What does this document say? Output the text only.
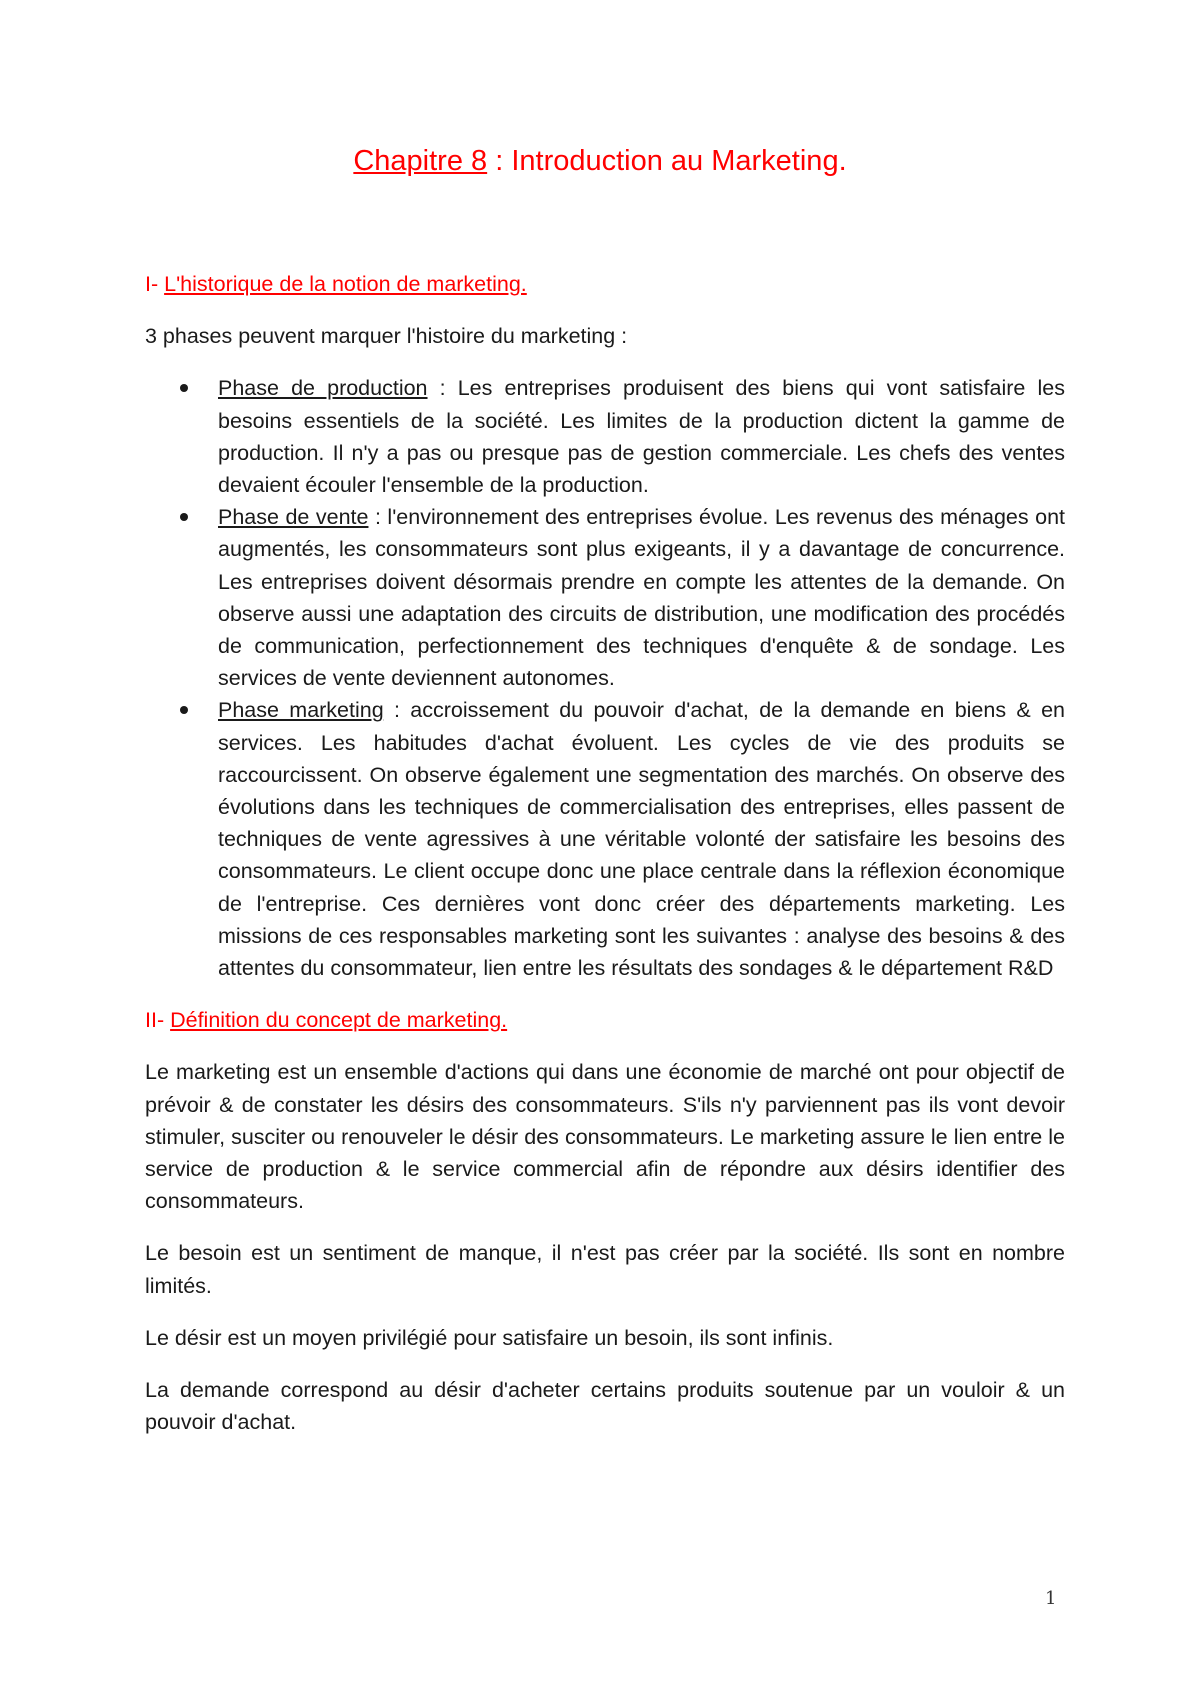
Chapitre 8 : Introduction au Marketing.

I- L'historique de la notion de marketing.

3 phases peuvent marquer l'histoire du marketing :

Phase de production : Les entreprises produisent des biens qui vont satisfaire les besoins essentiels de la société. Les limites de la production dictent la gamme de production. Il n'y a pas ou presque pas de gestion commerciale. Les chefs des ventes devaient écouler l'ensemble de la production.
Phase de vente : l'environnement des entreprises évolue. Les revenus des ménages ont augmentés, les consommateurs sont plus exigeants, il y a davantage de concurrence. Les entreprises doivent désormais prendre en compte les attentes de la demande. On observe aussi une adaptation des circuits de distribution, une modification des procédés de communication, perfectionnement des techniques d'enquête & de sondage. Les services de vente deviennent autonomes.
Phase marketing : accroissement du pouvoir d'achat, de la demande en biens & en services. Les habitudes d'achat évoluent. Les cycles de vie des produits se raccourcissent. On observe également une segmentation des marchés. On observe des évolutions dans les techniques de commercialisation des entreprises, elles passent de techniques de vente agressives à une véritable volonté der satisfaire les besoins des consommateurs. Le client occupe donc une place centrale dans la réflexion économique de l'entreprise. Ces dernières vont donc créer des départements marketing. Les missions de ces responsables marketing sont les suivantes : analyse des besoins & des attentes du consommateur, lien entre les résultats des sondages & le département R&D

II- Définition du concept de marketing.

Le marketing est un ensemble d'actions qui dans une économie de marché ont pour objectif de prévoir & de constater les désirs des consommateurs. S'ils n'y parviennent pas ils vont devoir stimuler, susciter ou renouveler le désir des consommateurs. Le marketing assure le lien entre le service de production & le service commercial afin de répondre aux désirs identifier des consommateurs.

Le besoin est un sentiment de manque, il n'est pas créer par la société. Ils sont en nombre limités.

Le désir est un moyen privilégié pour satisfaire un besoin, ils sont infinis.

La demande correspond au désir d'acheter certains produits soutenue par un vouloir & un pouvoir d'achat.

1
